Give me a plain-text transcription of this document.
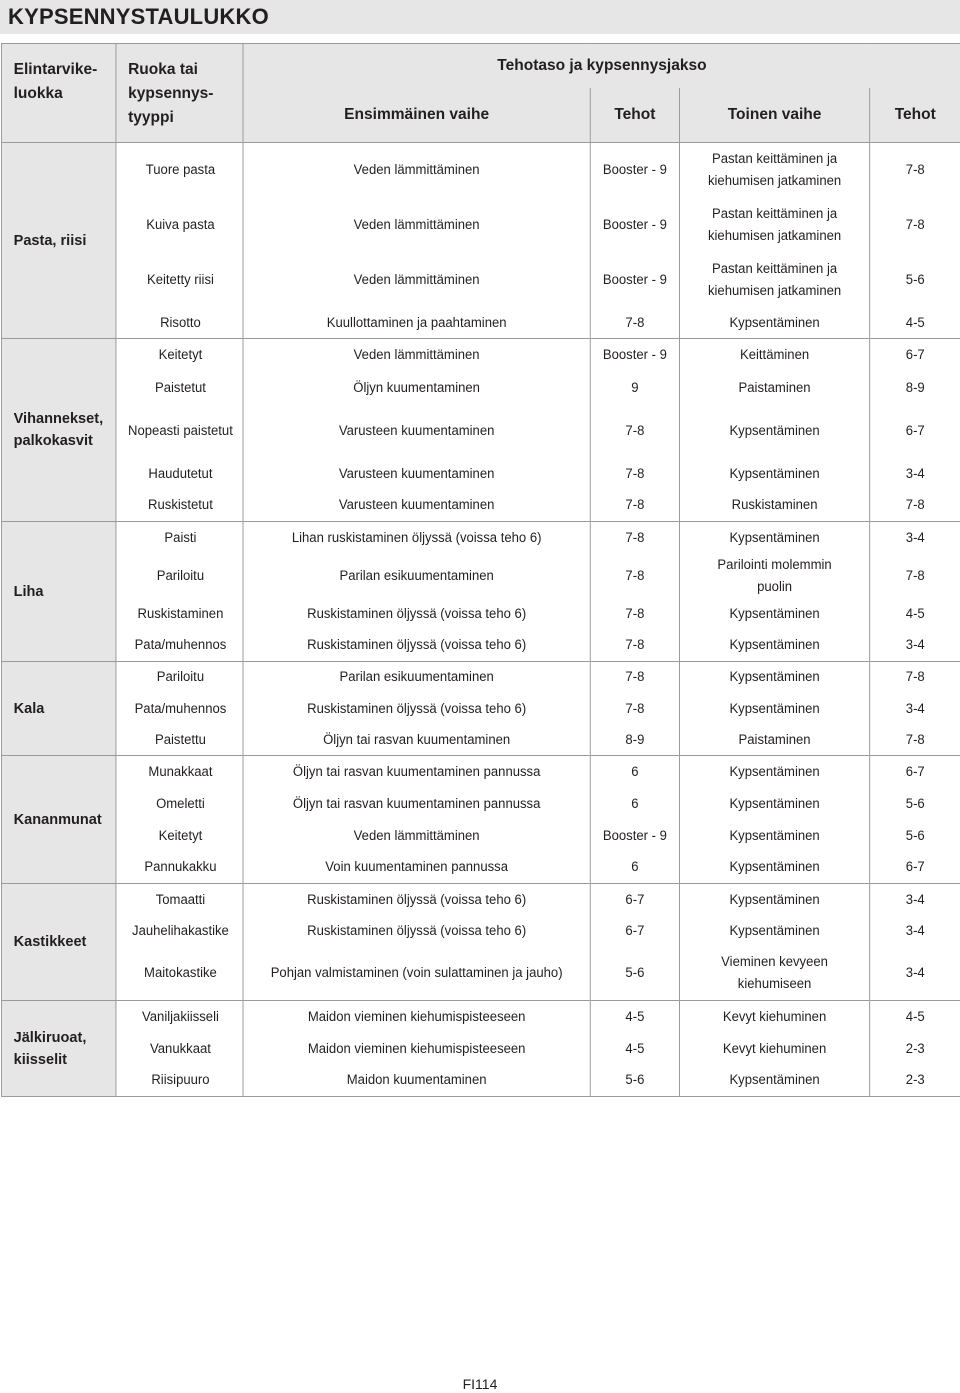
KYPSENNYSTAULUKKO
Elintarvike-luokka	Ruoka tai kypsennys-tyyppi	Tehotaso ja kypsennysjakso			
		Ensimmäinen vaihe	Tehot	Toinen vaihe	Tehot
Pasta, riisi	Tuore pasta	Veden lämmittäminen	Booster - 9	Pastan keittäminen ja kiehumisen jatkaminen	7-8
	Kuiva pasta	Veden lämmittäminen	Booster - 9	Pastan keittäminen ja kiehumisen jatkaminen	7-8
	Keitetty riisi	Veden lämmittäminen	Booster - 9	Pastan keittäminen ja kiehumisen jatkaminen	5-6
	Risotto	Kuullottaminen ja paahtaminen	7-8	Kypsentäminen	4-5
Vihannekset, palkokasvit	Keitetyt	Veden lämmittäminen	Booster - 9	Keittäminen	6-7
	Paistetut	Öljyn kuumentaminen	9	Paistaminen	8-9
	Nopeasti paistetut	Varusteen kuumentaminen	7-8	Kypsentäminen	6-7
	Haudutetut	Varusteen kuumentaminen	7-8	Kypsentäminen	3-4
	Ruskistetut	Varusteen kuumentaminen	7-8	Ruskistaminen	7-8
Liha	Paisti	Lihan ruskistaminen öljyssä (voissa teho 6)	7-8	Kypsentäminen	3-4
	Pariloitu	Parilan esikuumentaminen	7-8	Parilointi molemmin puolin	7-8
	Ruskistaminen	Ruskistaminen öljyssä (voissa teho 6)	7-8	Kypsentäminen	4-5
	Pata/muhennos	Ruskistaminen öljyssä (voissa teho 6)	7-8	Kypsentäminen	3-4
Kala	Pariloitu	Parilan esikuumentaminen	7-8	Kypsentäminen	7-8
	Pata/muhennos	Ruskistaminen öljyssä (voissa teho 6)	7-8	Kypsentäminen	3-4
	Paistettu	Öljyn tai rasvan kuumentaminen	8-9	Paistaminen	7-8
Kananmunat	Munakkaat	Öljyn tai rasvan kuumentaminen pannussa	6	Kypsentäminen	6-7
	Omeletti	Öljyn tai rasvan kuumentaminen pannussa	6	Kypsentäminen	5-6
	Keitetyt	Veden lämmittäminen	Booster - 9	Kypsentäminen	5-6
	Pannukakku	Voin kuumentaminen pannussa	6	Kypsentäminen	6-7
Kastikkeet	Tomaatti	Ruskistaminen öljyssä (voissa teho 6)	6-7	Kypsentäminen	3-4
	Jauhelihakastike	Ruskistaminen öljyssä (voissa teho 6)	6-7	Kypsentäminen	3-4
	Maitokastike	Pohjan valmistaminen (voin sulattaminen ja jauho)	5-6	Vieminen kevyeen kiehumiseen	3-4
Jälkiruoat, kiisselit	Vaniljakiisseli	Maidon vieminen kiehumispisteeseen	4-5	Kevyt kiehuminen	4-5
	Vanukkaat	Maidon vieminen kiehumispisteeseen	4-5	Kevyt kiehuminen	2-3
	Riisipuuro	Maidon kuumentaminen	5-6	Kypsentäminen	2-3
FI114
